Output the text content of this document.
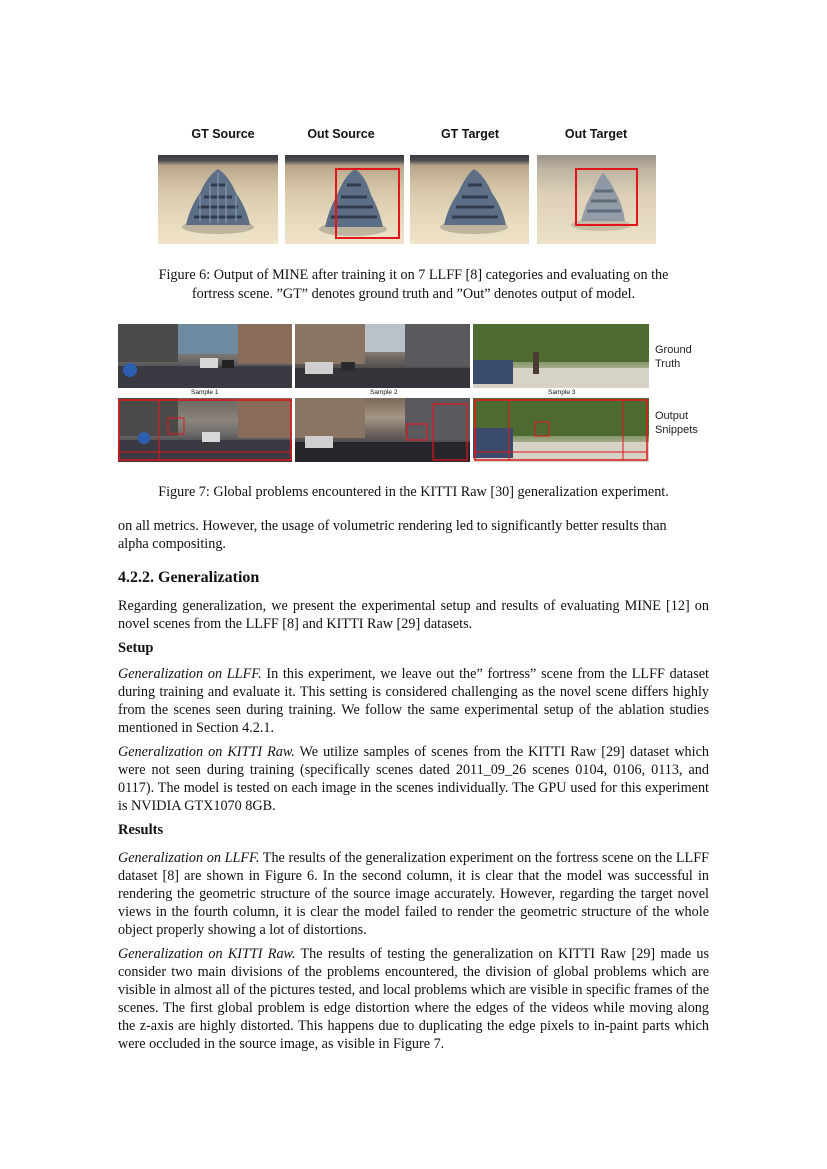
GT Source	Out Source	GT Target	Out Target
Figure 6: Output of MINE after training it on 7 LLFF [8] categories and evaluating on the
fortress scene. ”GT” denotes ground truth and ”Out” denotes output of model.
Sample 1	Sample 2	Sample 3
Ground
Truth
Output
Snippets
Figure 7: Global problems encountered in the KITTI Raw [30] generalization experiment.
on all metrics. However, the usage of volumetric rendering led to significantly better results than
alpha compositing.
4.2.2. Generalization
Regarding generalization, we present the experimental setup and results of evaluating MINE [12] on novel scenes from the LLFF [8] and KITTI Raw [29] datasets.
Setup
Generalization on LLFF. In this experiment, we leave out the” fortress” scene from the LLFF dataset during training and evaluate it. This setting is considered challenging as the novel scene differs highly from the scenes seen during training. We follow the same experimental setup of the ablation studies mentioned in Section 4.2.1.
Generalization on KITTI Raw. We utilize samples of scenes from the KITTI Raw [29] dataset which were not seen during training (specifically scenes dated 2011_09_26 scenes 0104, 0106, 0113, and 0117). The model is tested on each image in the scenes individually. The GPU used for this experiment is NVIDIA GTX1070 8GB.
Results
Generalization on LLFF. The results of the generalization experiment on the fortress scene on the LLFF dataset [8] are shown in Figure 6. In the second column, it is clear that the model was successful in rendering the geometric structure of the source image accurately. However, regarding the target novel views in the fourth column, it is clear the model failed to render the geometric structure of the whole object properly showing a lot of distortions.
Generalization on KITTI Raw. The results of testing the generalization on KITTI Raw [29] made us consider two main divisions of the problems encountered, the division of global problems which are visible in almost all of the pictures tested, and local problems which are visible in specific frames of the scenes. The first global problem is edge distortion where the edges of the videos while moving along the z-axis are highly distorted. This happens due to duplicating the edge pixels to in-paint parts which were occluded in the source image, as visible in Figure 7.
